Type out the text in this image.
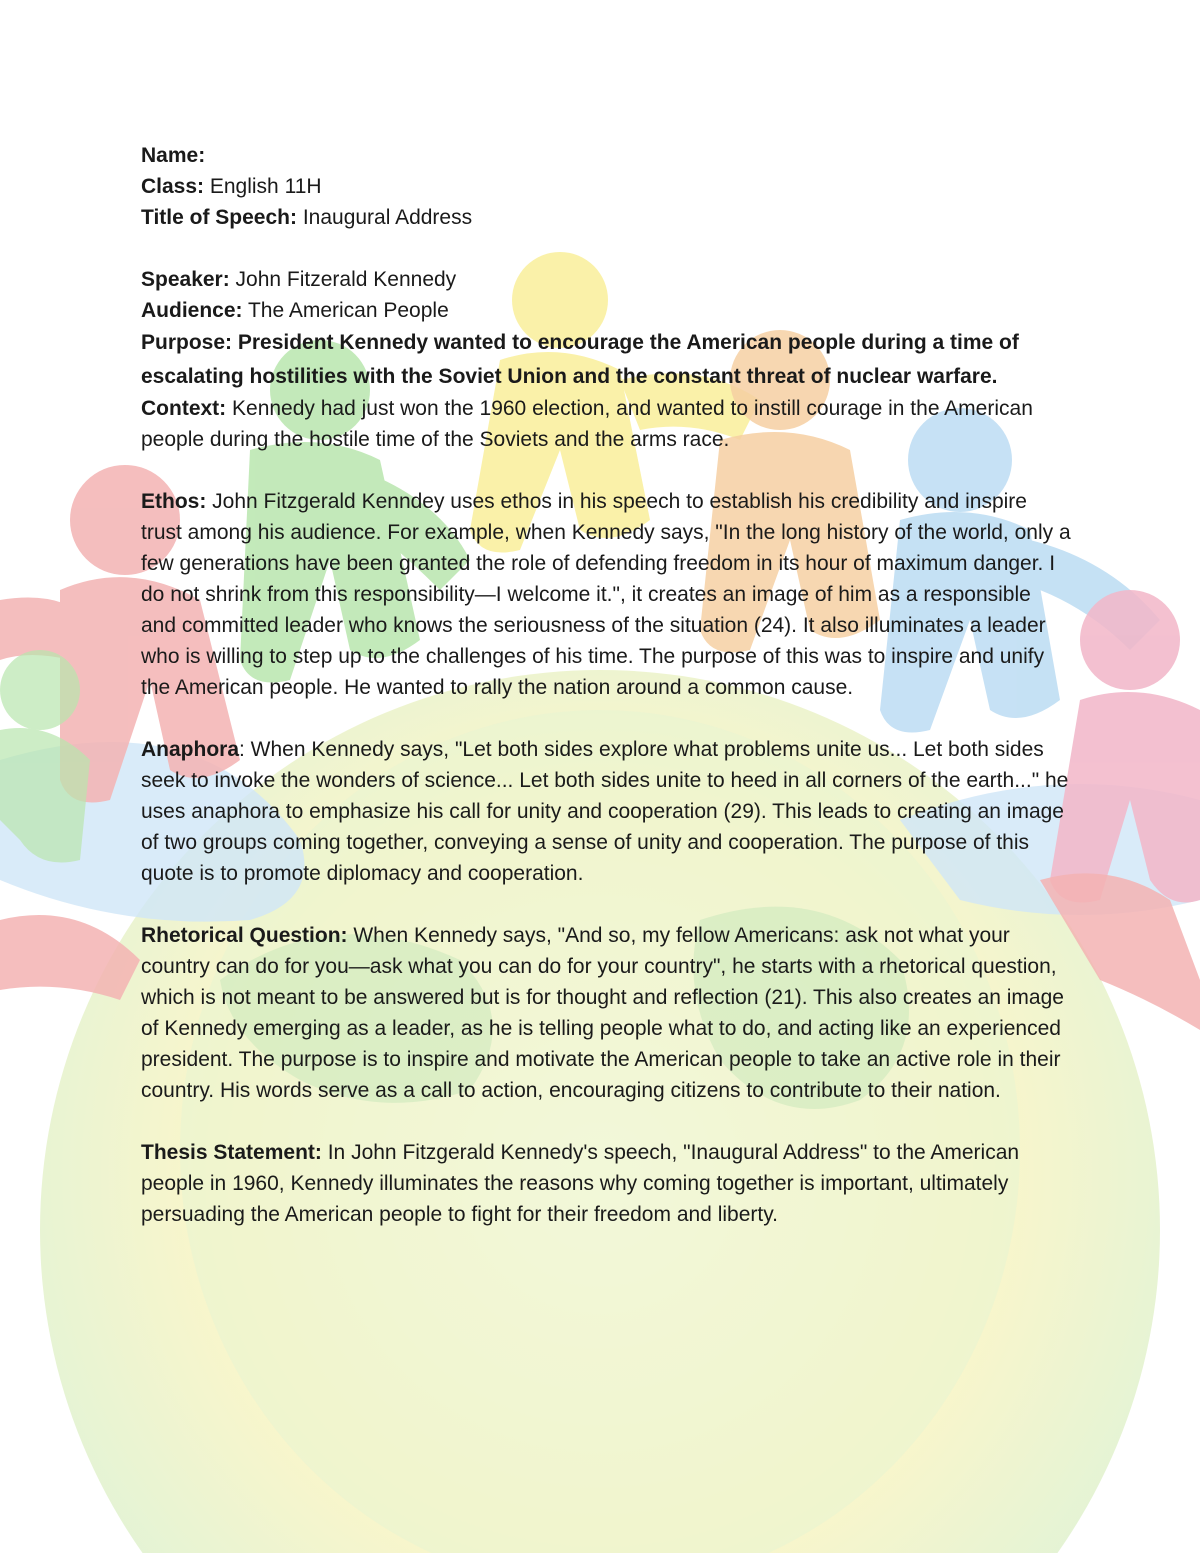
Name:
Class: English 11H
Title of Speech: Inaugural Address
Speaker: John Fitzerald Kennedy
Audience: The American People

Purpose: President Kennedy wanted to encourage the American people during a time of escalating hostilities with the Soviet Union and the constant threat of nuclear warfare.

Context: Kennedy had just won the 1960 election, and wanted to instill courage in the American people during the hostile time of the Soviets and the arms race.

Ethos: John Fitzgerald Kenndey uses ethos in his speech to establish his credibility and inspire trust among his audience. For example, when Kennedy says, "In the long history of the world, only a few generations have been granted the role of defending freedom in its hour of maximum danger. I do not shrink from this responsibility—I welcome it.", it creates an image of him as a responsible and committed leader who knows the seriousness of the situation (24). It also illuminates a leader who is willing to step up to the challenges of his time. The purpose of this was to inspire and unify the American people. He wanted to rally the nation around a common cause.

Anaphora: When Kennedy says, "Let both sides explore what problems unite us... Let both sides seek to invoke the wonders of science... Let both sides unite to heed in all corners of the earth..." he uses anaphora to emphasize his call for unity and cooperation (29). This leads to creating an image of two groups coming together, conveying a sense of unity and cooperation. The purpose of this quote is to promote diplomacy and cooperation.

Rhetorical Question: When Kennedy says, "And so, my fellow Americans: ask not what your country can do for you—ask what you can do for your country", he starts with a rhetorical question, which is not meant to be answered but is for thought and reflection (21). This also creates an image of Kennedy emerging as a leader, as he is telling people what to do, and acting like an experienced president. The purpose is to inspire and motivate the American people to take an active role in their country. His words serve as a call to action, encouraging citizens to contribute to their nation.

Thesis Statement: In John Fitzgerald Kennedy's speech, "Inaugural Address" to the American people in 1960, Kennedy illuminates the reasons why coming together is important, ultimately persuading the American people to fight for their freedom and liberty.
